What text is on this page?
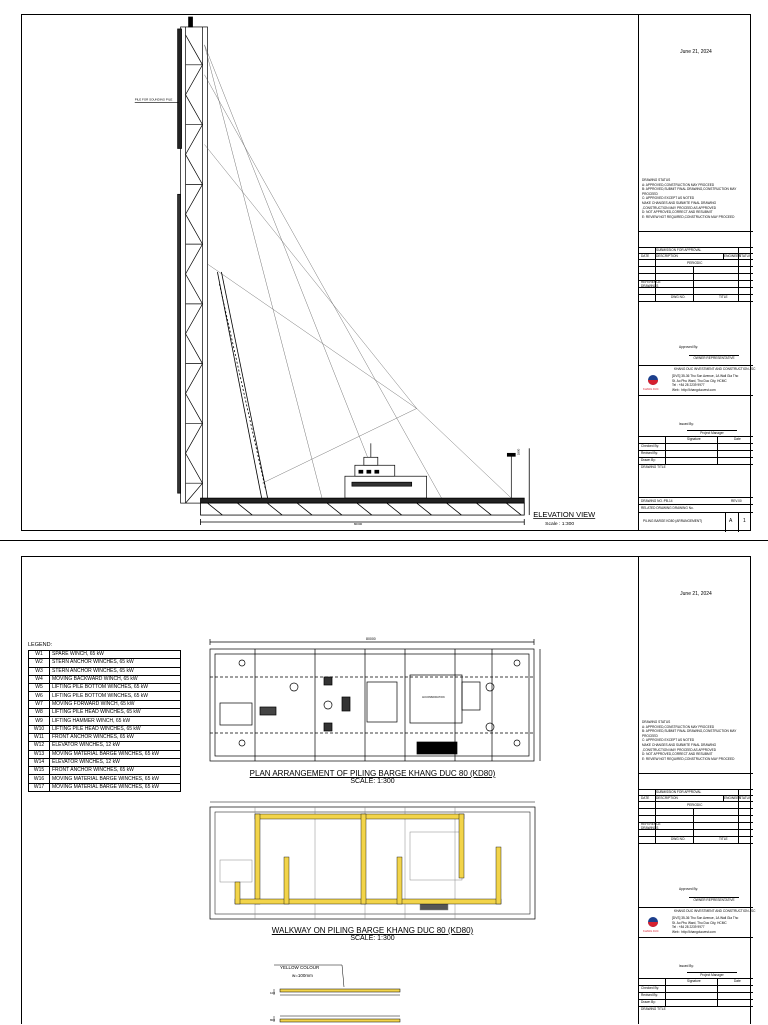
PILE FOR SOUNDING PILE
80000
1800
ELEVATION VIEW
Scale : 1:300
June 21, 2024
DRAWING STATUS
A: APPROVED,CONSTRUCTION MAY PROCEED
B: APPROVED,SUBMIT FINAL DRAWING,CONSTRUCTION MAY PROCEED
C: APPROVED EXCEPT AS NOTED
MAKE CHANGES AND SUBMITE FINAL DRAWING
,CONSTRUCTION MAY PROCEED AS APPROVED
D: NOT APPROVED,CORRECT AND RESUBMIT
E: REVIEW NOT REQUIRED,CONSTRUCTION MAY PROCEED
SUBMISSION FOR APPROVAL
DATE DESCRIPTION	ENGINEER
STATUS
PERIODIC
REFERENCE DRAWINGS
DWG NO.	TITLE
Approved By:
OWNER REPRESENTATIVE
KHANG DUC INVESTMENT AND CONSTRUCTION JSC
KHANG DUC
[DVS] 35-36 Thu Son Avenue, 1A Wall Gia Tho
St. Ao Phu Ward, Thu Duc City, HCMC
Tel : +84 28 2239 9977
Web : http://khangducvest.com
Issued By:
Project Manager
Signature	Date
Checked By:
Revised By:
Drawn By:
DRAWING TITLE
DRAWING NO.:PB-14	REV.00
RELATED DRAWING DRAWING No.
PILING BARGE KD80 (ARRANGEMENT)	A 1
LEGEND:
W1	SPARE WINCH, 65 kW
W2	STERN ANCHOR WINCHES, 65 kW
W3	STERN ANCHOR WINCHES, 65 kW
W4	MOVING BACKWARD WINCH, 65 kW
W5	LIFTING PILE BOTTOM WINCHES, 65 kW
W6	LIFTING PILE BOTTOM WINCHES, 65 kW
W7	MOVING FORWARD WINCH, 65 kW
W8	LIFTING PILE HEAD WINCHES, 65 kW
W9	LIFTING HAMMER WINCH, 65 kW
W10	LIFTING PILE HEAD WINCHES, 65 kW
W11	FRONT ANCHOR WINCHES, 65 kW
W12	ELEVATOR WINCHES, 12 kW
W13	MOVING MATERIAL BARGE WINCHES, 65 kW
W14	ELEVATOR WINCHES, 12 kW
W15	FRONT ANCHOR WINCHES, 65 kW
W16	MOVING MATERIAL BARGE WINCHES, 65 kW
W17	MOVING MATERIAL BARGE WINCHES, 65 kW
80000
ACCOMMODATION
YELLOW COLOUR
w=100mm
100
800
PLAN ARRANGEMENT OF PILING BARGE KHANG DUC 80 (KD80)
SCALE: 1:300
WALKWAY ON PILING BARGE KHANG DUC 80 (KD80)
SCALE: 1:300
June 21, 2024
DRAWING STATUS
A: APPROVED,CONSTRUCTION MAY PROCEED
B: APPROVED,SUBMIT FINAL DRAWING,CONSTRUCTION MAY PROCEED
C: APPROVED EXCEPT AS NOTED
MAKE CHANGES AND SUBMITE FINAL DRAWING
,CONSTRUCTION MAY PROCEED AS APPROVED
D: NOT APPROVED,CORRECT AND RESUBMIT
E: REVIEW NOT REQUIRED,CONSTRUCTION MAY PROCEED
SUBMISSION FOR APPROVAL
DATE DESCRIPTION	ENGINEER
STATUS
PERIODIC
REFERENCE DRAWINGS
DWG NO.	TITLE
Approved By:
OWNER REPRESENTATIVE
KHANG DUC INVESTMENT AND CONSTRUCTION JSC
KHANG DUC
[DVS] 35-36 Thu Son Avenue, 1A Wall Gia Tho
St. Ao Phu Ward, Thu Duc City, HCMC
Tel : +84 28 2239 9977
Web : http://khangducvest.com
Issued By:
Project Manager
Signature	Date
Checked By:
Revised By:
Drawn By:
DRAWING TITLE
